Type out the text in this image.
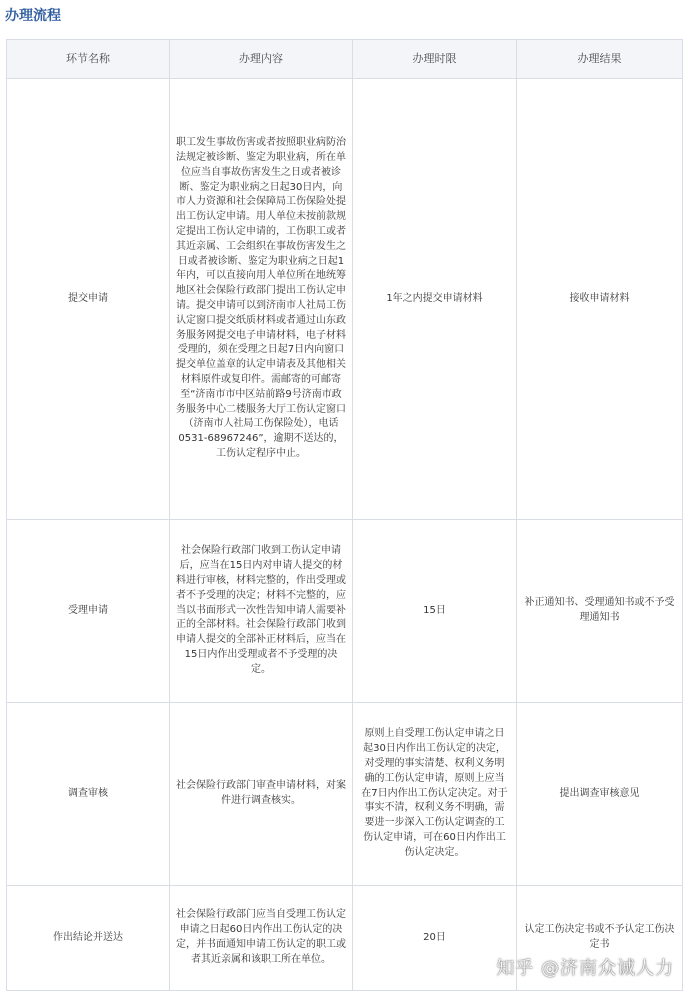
办理流程
环节名称	办理内容	办理时限	办理结果
提交申请	职工发生事故伤害或者按照职业病防治法规定被诊断、鉴定为职业病，所在单位应当自事故伤害发生之日或者被诊断、鉴定为职业病之日起30日内，向市人力资源和社会保障局工伤保险处提出工伤认定申请。用人单位未按前款规定提出工伤认定申请的，工伤职工或者其近亲属、工会组织在事故伤害发生之日或者被诊断、鉴定为职业病之日起1年内，可以直接向用人单位所在地统筹地区社会保险行政部门提出工伤认定申请。提交申请可以到济南市人社局工伤认定窗口提交纸质材料或者通过山东政务服务网提交电子申请材料，电子材料受理的，须在受理之日起7日内向窗口提交单位盖章的认定申请表及其他相关材料原件或复印件。需邮寄的可邮寄至“济南市市中区站前路9号济南市政务服务中心二楼服务大厅工伤认定窗口（济南市人社局工伤保险处），电话0531-68967246”，逾期不送达的，工伤认定程序中止。	1年之内提交申请材料	接收申请材料
受理申请	社会保险行政部门收到工伤认定申请后，应当在15日内对申请人提交的材料进行审核，材料完整的，作出受理或者不予受理的决定；材料不完整的，应当以书面形式一次性告知申请人需要补正的全部材料。社会保险行政部门收到申请人提交的全部补正材料后，应当在15日内作出受理或者不予受理的决定。	15日	补正通知书、受理通知书或不予受理通知书
调查审核	社会保险行政部门审查申请材料，对案件进行调查核实。	原则上自受理工伤认定申请之日起30日内作出工伤认定的决定，对受理的事实清楚、权利义务明确的工伤认定申请，原则上应当在7日内作出工伤认定决定。对于事实不清，权利义务不明确，需要进一步深入工伤认定调查的工伤认定申请，可在60日内作出工伤认定决定。	提出调查审核意见
作出结论并送达	社会保险行政部门应当自受理工伤认定申请之日起60日内作出工伤认定的决定，并书面通知申请工伤认定的职工或者其近亲属和该职工所在单位。	20日	认定工伤决定书或不予认定工伤决定书
知乎 @济南众诚人力
